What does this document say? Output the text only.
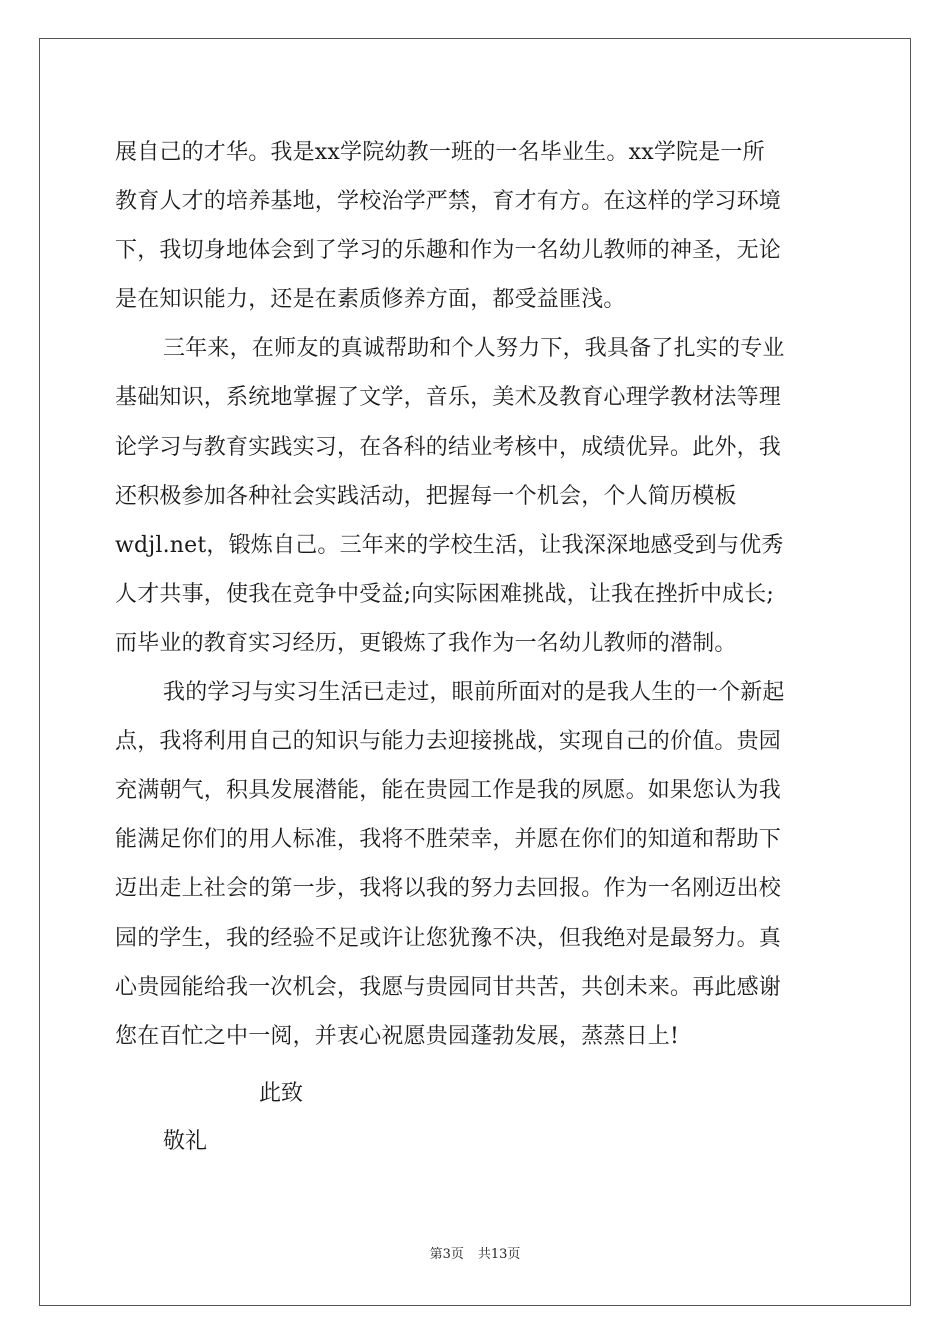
展自己的才华。我是xx学院幼教一班的一名毕业生。xx学院是一所
教育人才的培养基地，学校治学严禁，育才有方。在这样的学习环境
下，我切身地体会到了学习的乐趣和作为一名幼儿教师的神圣，无论
是在知识能力，还是在素质修养方面，都受益匪浅。
三年来，在师友的真诚帮助和个人努力下，我具备了扎实的专业
基础知识，系统地掌握了文学，音乐，美术及教育心理学教材法等理
论学习与教育实践实习，在各科的结业考核中，成绩优异。此外，我
还积极参加各种社会实践活动，把握每一个机会，个人简历模板
wdjl.net，锻炼自己。三年来的学校生活，让我深深地感受到与优秀
人才共事，使我在竞争中受益;向实际困难挑战，让我在挫折中成长;
而毕业的教育实习经历，更锻炼了我作为一名幼儿教师的潜制。
我的学习与实习生活已走过，眼前所面对的是我人生的一个新起
点，我将利用自己的知识与能力去迎接挑战，实现自己的价值。贵园
充满朝气，积具发展潜能，能在贵园工作是我的夙愿。如果您认为我
能满足你们的用人标准，我将不胜荣幸，并愿在你们的知道和帮助下
迈出走上社会的第一步，我将以我的努力去回报。作为一名刚迈出校
园的学生，我的经验不足或许让您犹豫不决，但我绝对是最努力。真
心贵园能给我一次机会，我愿与贵园同甘共苦，共创未来。再此感谢
您在百忙之中一阅，并衷心祝愿贵园蓬勃发展，蒸蒸日上!
此致
敬礼
第3页 共13页
